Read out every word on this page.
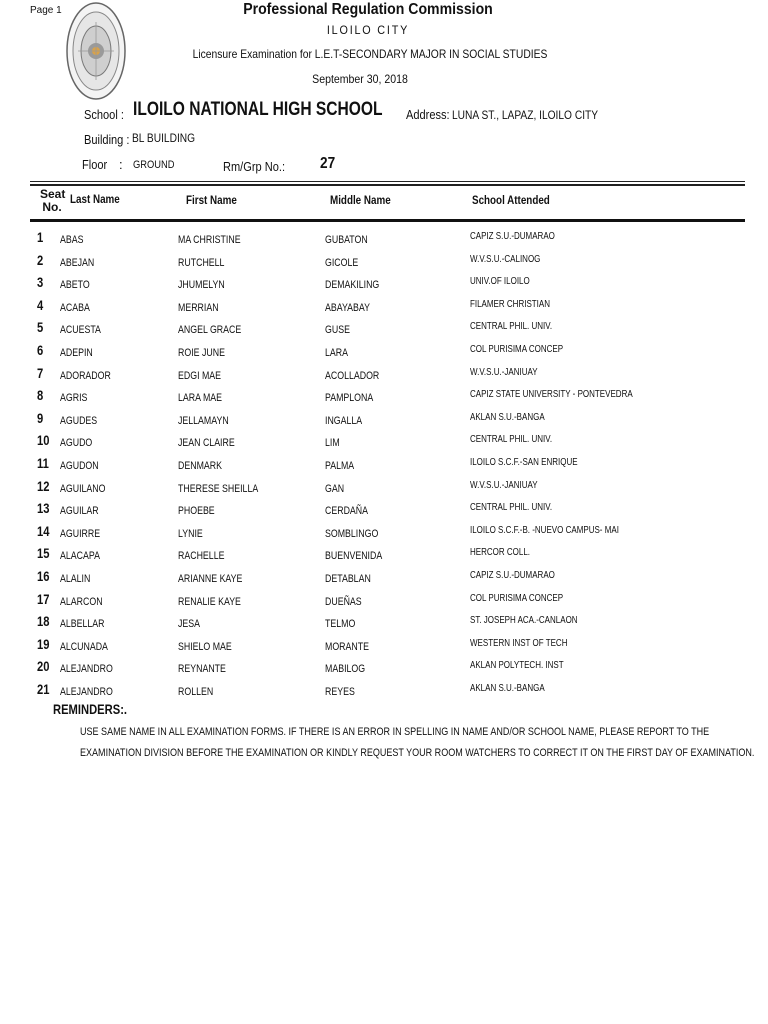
Page 1	Professional Regulation Commission
ILOILO CITY
Licensure Examination for L.E.T-SECONDARY MAJOR IN SOCIAL STUDIES
September 30, 2018
School : ILOILO NATIONAL HIGH SCHOOL Address: LUNA ST., LAPAZ, ILOILO CITY
Building : BL BUILDING
Floor : GROUND	Rm/Grp No.: 27
Seat No.
Last Name	First Name	Middle Name	School Attended
1 ABAS	MA CHRISTINE	GUBATON	CAPIZ S.U.-DUMARAO
2 ABEJAN	RUTCHELL	GICOLE	W.V.S.U.-CALINOG
3 ABETO	JHUMELYN	DEMAKILING	UNIV.OF ILOILO
4 ACABA	MERRIAN	ABAYABAY	FILAMER CHRISTIAN
5 ACUESTA	ANGEL GRACE	GUSE	CENTRAL PHIL. UNIV.
6 ADEPIN	ROIE JUNE	LARA	COL PURISIMA CONCEP
7 ADORADOR	EDGI MAE	ACOLLADOR	W.V.S.U.-JANIUAY
8 AGRIS	LARA MAE	PAMPLONA	CAPIZ STATE UNIVERSITY - PONTEVEDRA
9 AGUDES	JELLAMAYN	INGALLA	AKLAN S.U.-BANGA
10 AGUDO	JEAN CLAIRE	LIM	CENTRAL PHIL. UNIV.
11 AGUDON	DENMARK	PALMA	ILOILO S.C.F.-SAN ENRIQUE
12 AGUILANO	THERESE SHEILLA	GAN	W.V.S.U.-JANIUAY
13 AGUILAR	PHOEBE	CERDAÑA	CENTRAL PHIL. UNIV.
14 AGUIRRE	LYNIE	SOMBLINGO	ILOILO S.C.F.-B. -NUEVO CAMPUS- MAI
15 ALACAPA	RACHELLE	BUENVENIDA	HERCOR COLL.
16 ALALIN	ARIANNE KAYE	DETABLAN	CAPIZ S.U.-DUMARAO
17 ALARCON	RENALIE KAYE	DUEÑAS	COL PURISIMA CONCEP
18 ALBELLAR	JESA	TELMO	ST. JOSEPH ACA.-CANLAON
19 ALCUNADA	SHIELO MAE	MORANTE	WESTERN INST OF TECH
20 ALEJANDRO	REYNANTE	MABILOG	AKLAN POLYTECH. INST
21 ALEJANDRO	ROLLEN	REYES	AKLAN S.U.-BANGA
REMINDERS:.
USE SAME NAME IN ALL EXAMINATION FORMS. IF THERE IS AN ERROR IN SPELLING IN NAME AND/OR SCHOOL NAME, PLEASE REPORT TO THE EXAMINATION DIVISION BEFORE THE EXAMINATION OR KINDLY REQUEST YOUR ROOM WATCHERS TO CORRECT IT ON THE FIRST DAY OF EXAMINATION.
